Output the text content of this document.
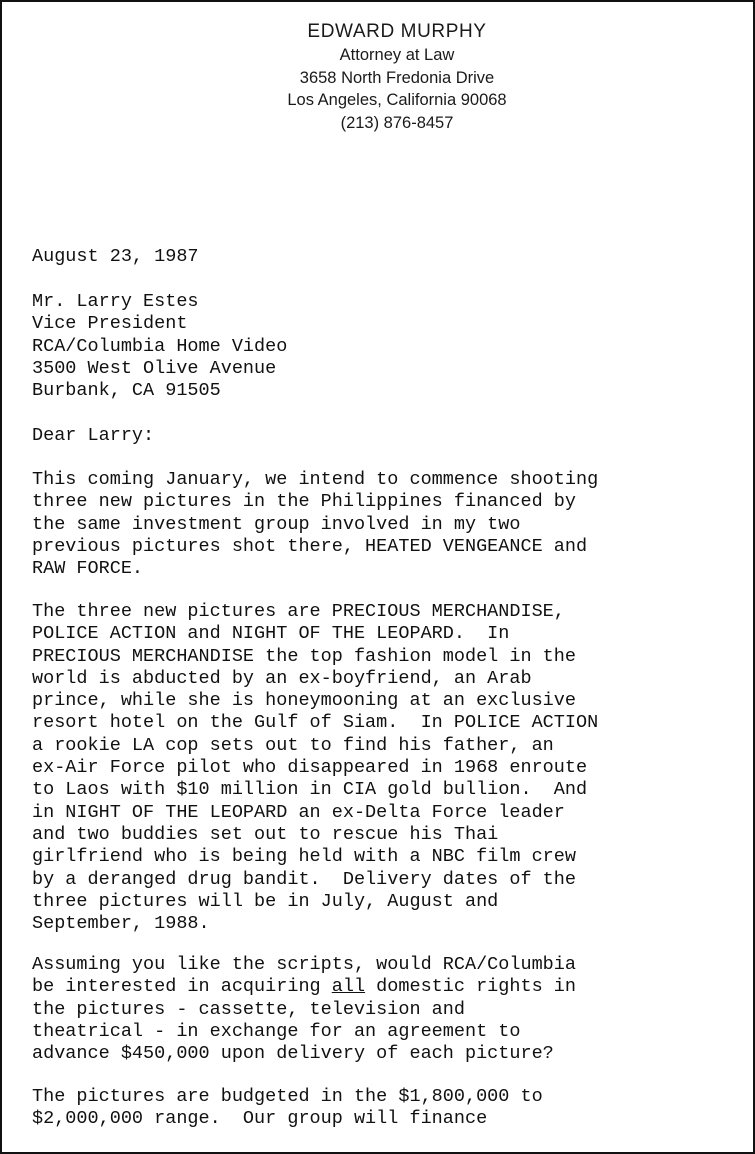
EDWARD MURPHY
Attorney at Law
3658 North Fredonia Drive
Los Angeles, California 90068
(213) 876-8457
August 23, 1987
Mr. Larry Estes
Vice President
RCA/Columbia Home Video
3500 West Olive Avenue
Burbank, CA 91505
Dear Larry:
This coming January, we intend to commence shooting
three new pictures in the Philippines financed by
the same investment group involved in my two
previous pictures shot there, HEATED VENGEANCE and
RAW FORCE.
The three new pictures are PRECIOUS MERCHANDISE,
POLICE ACTION and NIGHT OF THE LEOPARD.  In
PRECIOUS MERCHANDISE the top fashion model in the
world is abducted by an ex-boyfriend, an Arab
prince, while she is honeymooning at an exclusive
resort hotel on the Gulf of Siam.  In POLICE ACTION
a rookie LA cop sets out to find his father, an
ex-Air Force pilot who disappeared in 1968 enroute
to Laos with $10 million in CIA gold bullion.  And
in NIGHT OF THE LEOPARD an ex-Delta Force leader
and two buddies set out to rescue his Thai
girlfriend who is being held with a NBC film crew
by a deranged drug bandit.  Delivery dates of the
three pictures will be in July, August and
September, 1988.
Assuming you like the scripts, would RCA/Columbia
be interested in acquiring all domestic rights in
the pictures - cassette, television and
theatrical - in exchange for an agreement to
advance $450,000 upon delivery of each picture?
The pictures are budgeted in the $1,800,000 to
$2,000,000 range.  Our group will finance
